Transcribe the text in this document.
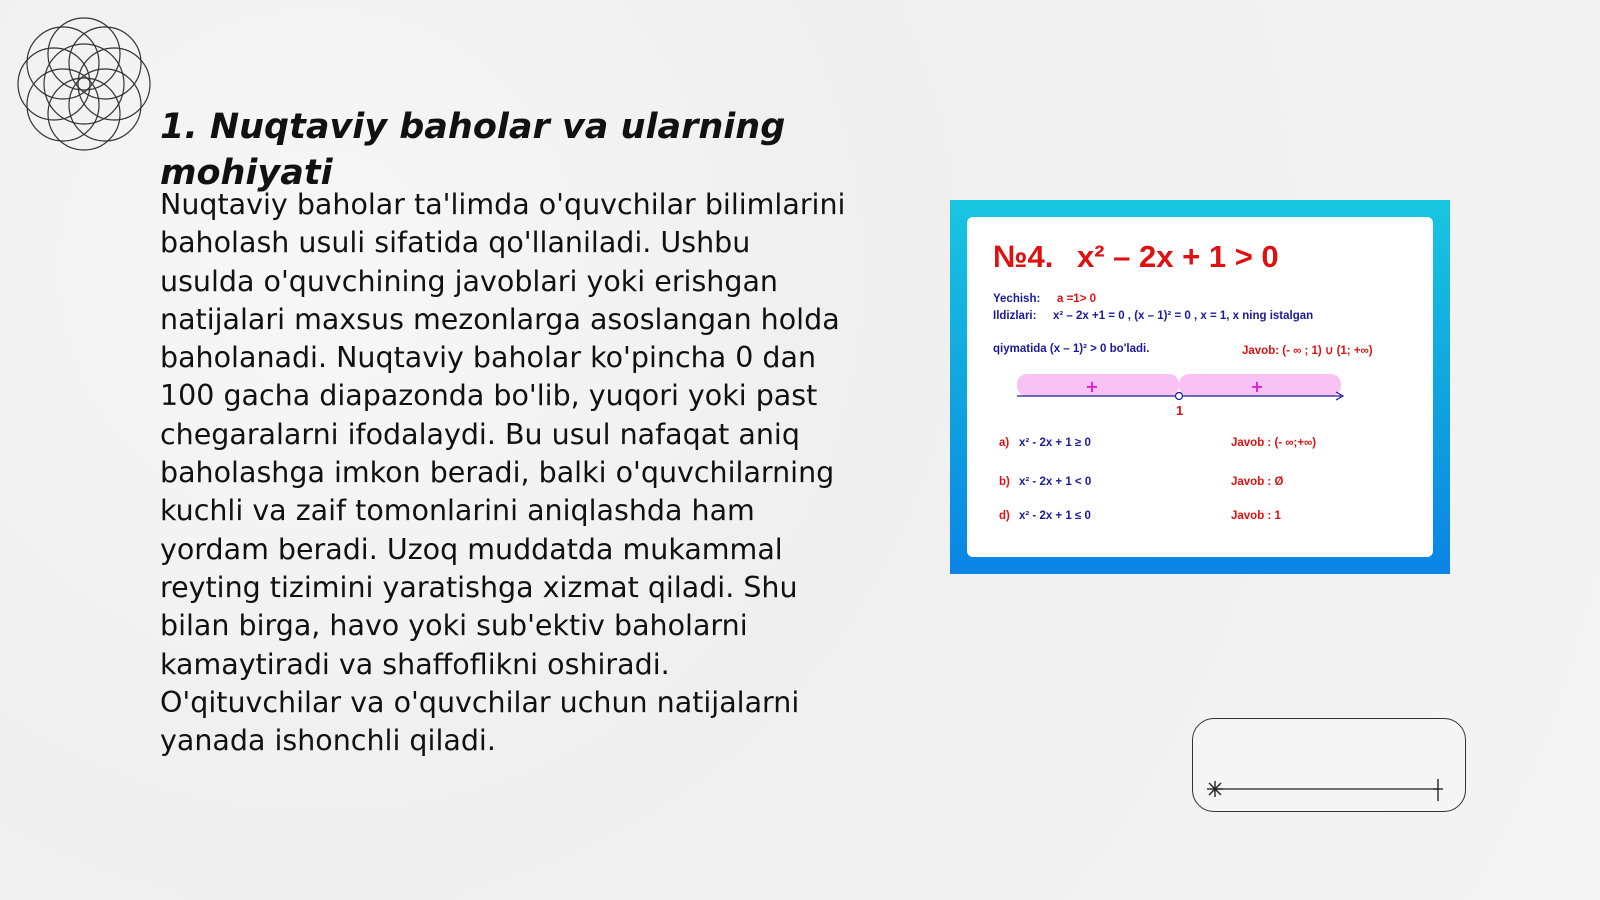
1. Nuqtaviy baholar va ularning mohiyati

Nuqtaviy baholar ta'limda o'quvchilar bilimlarini baholash usuli sifatida qo'llaniladi. Ushbu usulda o'quvchining javoblari yoki erishgan natijalari maxsus mezonlarga asoslangan holda baholanadi. Nuqtaviy baholar ko'pincha 0 dan 100 gacha diapazonda bo'lib, yuqori yoki past chegaralarni ifodalaydi. Bu usul nafaqat aniq baholashga imkon beradi, balki o'quvchilarning kuchli va zaif tomonlarini aniqlashda ham yordam beradi. Uzoq muddatda mukammal reyting tizimini yaratishga xizmat qiladi. Shu bilan birga, havo yoki sub'ektiv baholarni kamaytiradi va shaffoflikni oshiradi. O'qituvchilar va o'quvchilar uchun natijalarni yanada ishonchli qiladi.

№4. x² – 2x + 1 > 0
Yechish: a =1> 0
Ildizlari: x² – 2x +1 = 0 , (x – 1)² = 0 , x = 1, x ning istalgan
qiymatida (x – 1)² > 0 bo'ladi.	Javob: (- ∞ ; 1) ∪ (1; +∞)
+	+
1
a) x² - 2x + 1 ≥ 0	Javob : (- ∞;+∞)
b) x² - 2x + 1 < 0	Javob : Ø
d) x² - 2x + 1 ≤ 0	Javob : 1
